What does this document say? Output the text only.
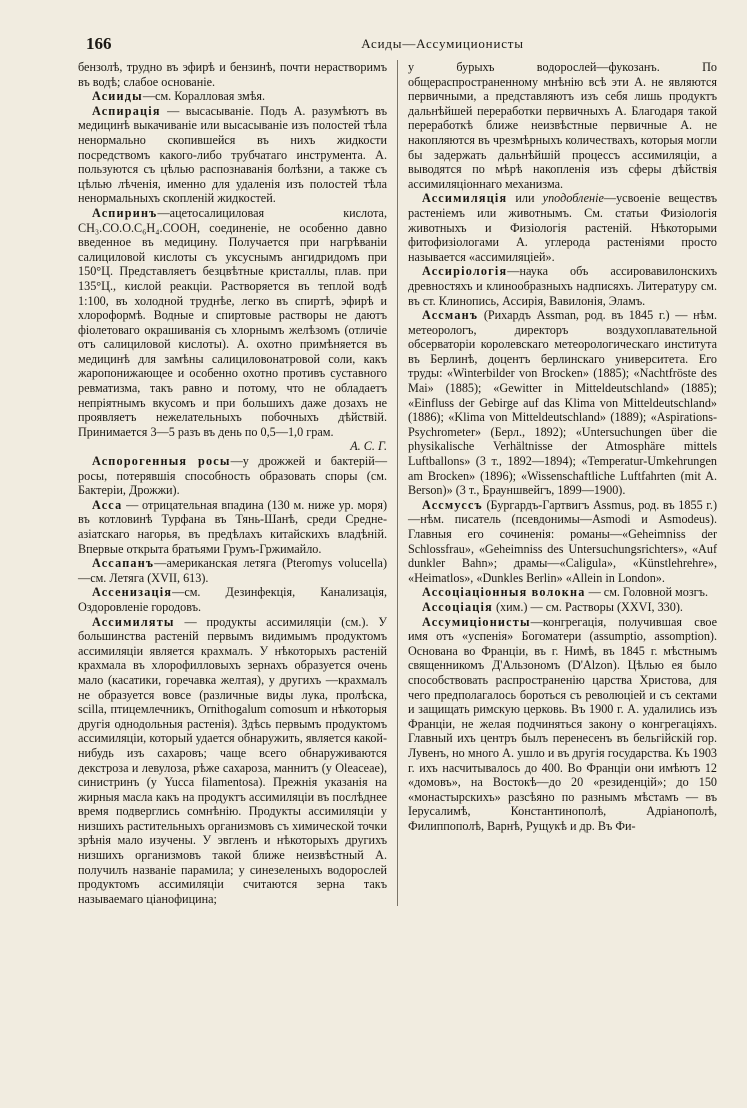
166	Асиды—Ассумиционисты

бензолѣ, трудно въ эфирѣ и бензинѣ, почти нерастворимъ въ водѣ; слабое основаніе.

Асииды—см. Коралловая змѣя.

Аспирація — высасываніе. Подъ А. разумѣютъ въ медицинѣ выкачиваніе или высасываніе изъ полостей тѣла ненормально скопившейся въ нихъ жидкости посредствомъ какого-либо трубчатаго инструмента. А. пользуются съ цѣлью распознаванія болѣзни, а также съ цѣлью лѣченія, именно для удаленія изъ полостей тѣла ненормальныхъ скопленій жидкостей.

Аспиринъ—ацетосалициловая кислота, CH₃.CO.O.C₆H₄.COOH, соединеніе, не особенно давно введенное въ медицину. Получается при нагрѣваніи салициловой кислоты съ уксуснымъ ангидридомъ при 150°Ц. Представляетъ безцвѣтные кристаллы, плав. при 135°Ц., кислой реакціи. Растворяется въ теплой водѣ 1:100, въ холодной труднѣе, легко въ спиртѣ, эфирѣ и хлороформѣ. Водные и спиртовые растворы не даютъ фіолетоваго окрашиванія съ хлорнымъ желѣзомъ (отличіе отъ салициловой кислоты). А. охотно примѣняется въ медицинѣ для замѣны салициловонатровой соли, какъ жаропонижающее и особенно охотно противъ суставного ревматизма, такъ равно и потому, что не обладаетъ непріятнымъ вкусомъ и при большихъ даже дозахъ не проявляетъ нежелательныхъ побочныхъ дѣйствій. Принимается 3—5 разъ въ день по 0,5—1,0 грам.
А. С. Г.

Аспорогенныя росы—у дрожжей и бактерій—росы, потерявшія способность образовать споры (см. Бактеріи, Дрожжи).

Асса — отрицательная впадина (130 м. ниже ур. моря) въ котловинѣ Турфана въ Тянь-Шанѣ, среди Средне-азіатскаго нагорья, въ предѣлахъ китайскихъ владѣній. Впервые открыта братьями Грумъ-Гржимайло.

Ассапанъ—американская летяга (Pteromys volucella)—см. Летяга (XVII, 613).

Ассенизація—см. Дезинфекція, Канализація, Оздоровленіе городовъ.

Ассимиляты — продукты ассимиляціи (см.). У большинства растеній первымъ видимымъ продуктомъ ассимиляціи является крахмалъ. У нѣкоторыхъ растеній крахмала въ хлорофилловыхъ зернахъ образуется очень мало (касатики, горечавка желтая), у другихъ —крахмалъ не образуется вовсе (различные виды лука, пролѣска, scilla, птицемлечникъ, Ornithogalum comosum и нѣкоторыя другія однодольныя растенія). Здѣсь первымъ продуктомъ ассимиляціи, который удается обнаружить, является какой-нибудь изъ сахаровъ; чаще всего обнаруживаются декстроза и левулоза, рѣже сахароза, маннитъ (у Oleaceae), синистринъ (у Yucca filamentosa). Прежнія указанія на жирныя масла какъ на продуктъ ассимиляціи въ послѣднее время подверглись сомнѣнію. Продукты ассимиляціи у низшихъ растительныхъ организмовъ съ химической точки зрѣнія мало изучены. У эвгленъ и нѣкоторыхъ другихъ низшихъ организмовъ такой ближе неизвѣстный А. получилъ названіе парамила; у синезеленыхъ водорослей продуктомъ ассимиляціи считаются зерна такъ называемаго ціанофицина;

у бурыхъ водорослей—фукозанъ. По общераспространенному мнѣнію всѣ эти А. не являются первичными, а представляютъ изъ себя лишь продуктъ дальнѣйшей переработки первичныхъ А. Благодаря такой переработкѣ ближе неизвѣстные первичные А. не накопляются въ чрезмѣрныхъ количествахъ, которыя могли бы задержать дальнѣйшій процессъ ассимиляціи, а выводятся по мѣрѣ накопленія изъ сферы дѣйствія ассимиляціоннаго механизма.

Ассимиляція или уподобленіе—усвоеніе веществъ растеніемъ или животнымъ. См. статьи Физіологія животныхъ и Физіологія растеній. Нѣкоторыми фитофизіологами А. углерода растеніями просто называется «ассимиляціей».

Ассиріологія—наука объ ассировавилонскихъ древностяхъ и клинообразныхъ надписяхъ. Литературу см. въ ст. Клинопись, Ассирія, Вавилонія, Эламъ.

Ассманъ (Рихардъ Assman, род. въ 1845 г.) — нѣм. метеорологъ, директоръ воздухоплавательной обсерваторіи королевскаго метеорологическаго института въ Берлинѣ, доцентъ берлинскаго университета. Его труды: «Winterbilder von Brocken» (1885); «Nachtfröste des Mai» (1885); «Gewitter in Mitteldeutschland» (1885); «Einfluss der Gebirge auf das Klima von Mitteldeutschland» (1886); «Klima von Mitteldeutschland» (1889); «Aspirations-Psychrometer» (Берл., 1892); «Untersuchungen über die physikalische Verhältnisse der Atmosphäre mittels Luftballons» (3 т., 1892—1894); «Temperatur-Umkehrungen am Brocken» (1896); «Wissenschaftliche Luftfahrten (mit A. Berson)» (3 т., Брауншвейгъ, 1899—1900).

Ассмуссъ (Бургардъ-Гартвигъ Assmus, род. въ 1855 г.)—нѣм. писатель (псевдонимы—Asmodi и Asmodeus). Главныя его сочиненія: романы—«Geheimniss der Schlossfrau», «Geheimniss des Untersuchungsrichters», «Auf dunkler Bahn»; драмы—«Caligula», «Künstlehrehre», «Heimatlos», «Dunkles Berlin» «Allein in London».

Ассоціаціонныя волокна — см. Головной мозгъ.

Ассоціація (хим.) — см. Растворы (XXVI, 330).

Ассумиціонисты—конгрегація, получившая свое имя отъ «успенія» Богоматери (assumptio, assomption). Основана во Франціи, въ г. Нимѣ, въ 1845 г. мѣстнымъ священникомъ Д'Альзономъ (D'Alzon). Цѣлью ея было способствовать распространенію царства Христова, для чего предполагалось бороться съ революціей и съ сектами и защищать римскую церковь. Въ 1900 г. А. удалились изъ Франціи, не желая подчиняться закону о конгрегаціяхъ. Главный ихъ центръ былъ перенесенъ въ бельгійскій гор. Лувенъ, но много А. ушло и въ другія государства. Къ 1903 г. ихъ насчитывалось до 400. Во Франціи они имѣютъ 12 «домовъ», на Востокѣ—до 20 «резиденцій»; до 150 «монастырскихъ» разсѣяно по разнымъ мѣстамъ — въ Іерусалимѣ, Константинополѣ, Адріанополѣ, Филиппополѣ, Варнѣ, Рущукѣ и др. Въ Фи-
